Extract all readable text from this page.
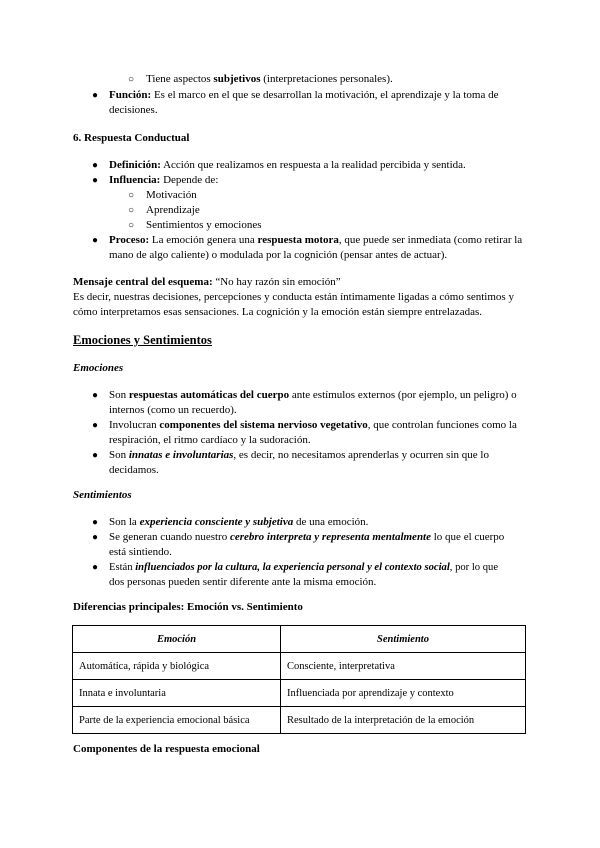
○ Tiene aspectos subjetivos (interpretaciones personales).
● Función: Es el marco en el que se desarrollan la motivación, el aprendizaje y la toma de
decisiones.
6. Respuesta Conductual
● Definición: Acción que realizamos en respuesta a la realidad percibida y sentida.
● Influencia: Depende de:
○ Motivación
○ Aprendizaje
○ Sentimientos y emociones
● Proceso: La emoción genera una respuesta motora, que puede ser inmediata (como retirar la
mano de algo caliente) o modulada por la cognición (pensar antes de actuar).
Mensaje central del esquema: “No hay razón sin emoción”
Es decir, nuestras decisiones, percepciones y conducta están íntimamente ligadas a cómo sentimos y
cómo interpretamos esas sensaciones. La cognición y la emoción están siempre entrelazadas.
Emociones y Sentimientos
Emociones
● Son respuestas automáticas del cuerpo ante estímulos externos (por ejemplo, un peligro) o
internos (como un recuerdo).
● Involucran componentes del sistema nervioso vegetativo, que controlan funciones como la
respiración, el ritmo cardíaco y la sudoración.
● Son innatas e involuntarias, es decir, no necesitamos aprenderlas y ocurren sin que lo
decidamos.
Sentimientos
● Son la experiencia consciente y subjetiva de una emoción.
● Se generan cuando nuestro cerebro interpreta y representa mentalmente lo que el cuerpo
está sintiendo.
● Están influenciados por la cultura, la experiencia personal y el contexto social, por lo que
dos personas pueden sentir diferente ante la misma emoción.
Diferencias principales: Emoción vs. Sentimiento
Emoción	Sentimiento
Automática, rápida y biológica	Consciente, interpretativa
Innata e involuntaria	Influenciada por aprendizaje y contexto
Parte de la experiencia emocional básica	Resultado de la interpretación de la emoción
Componentes de la respuesta emocional
